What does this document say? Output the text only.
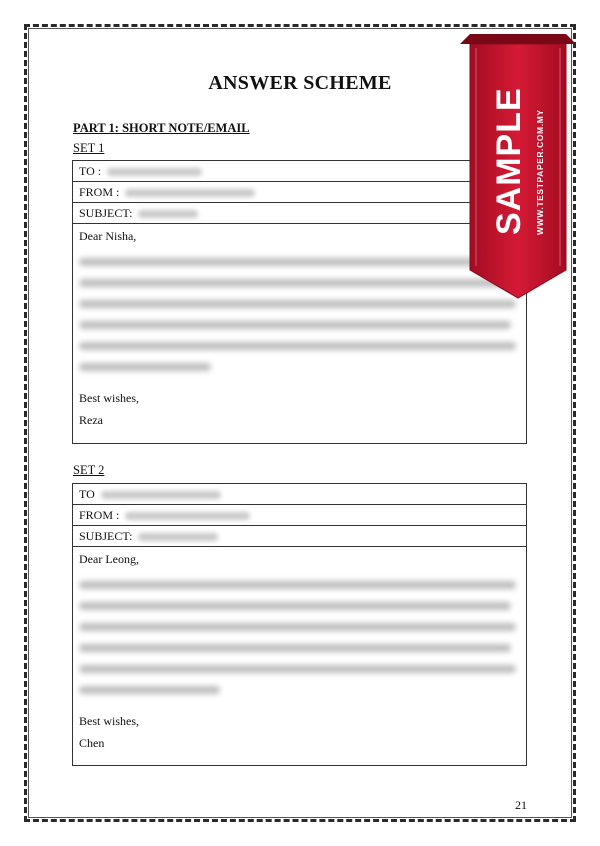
ANSWER SCHEME
PART 1: SHORT NOTE/EMAIL
SET 1
TO :
FROM :
SUBJECT:
Dear Nisha,
Best wishes,
Reza
SET 2
TO
FROM :
SUBJECT:
Dear Leong,
Best wishes,
Chen
21
SAMPLE WWW.TESTPAPER.COM.MY
